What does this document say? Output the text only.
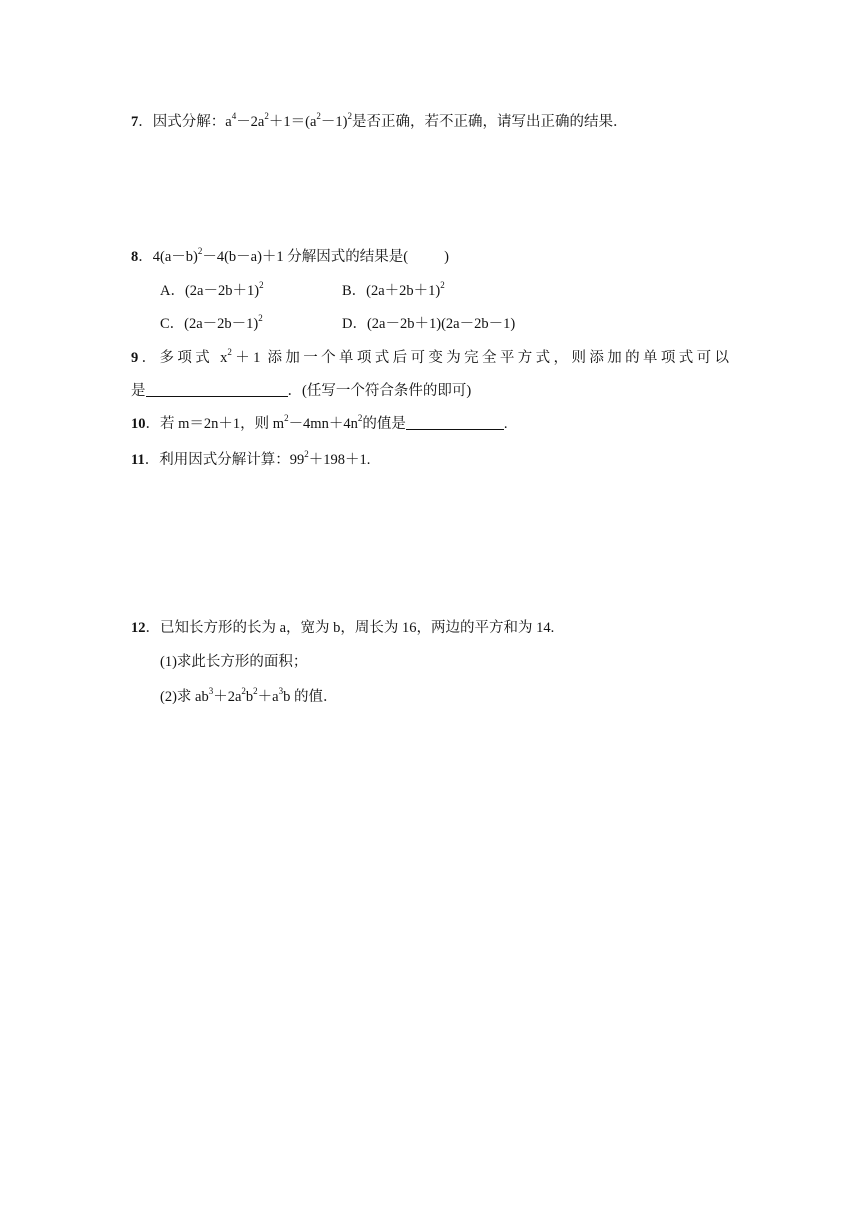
7．因式分解：$a^4-2a^2+1=(a^2-1)^2$是否正确，若不正确，请写出正确的结果．
8．$4(a-b)^2-4(b-a)+1$ 分解因式的结果是( )
A．$(2a-2b+1)^2$	B．$(2a+2b+1)^2$
C．$(2a-2b-1)^2$	D．(2a－2b＋1)(2a－2b－1)
9．多项式 $x^2+1$ 添加一个单项式后可变为完全平方式，则添加的单项式可以
是	．(任写一个符合条件的即可)
10．若 m＝2n＋1，则 $m^2-4mn+4n^2$的值是	.
11．利用因式分解计算：$99^2+198+1$.
12．已知长方形的长为 a，宽为 b，周长为 16，两边的平方和为 14.
(1)求此长方形的面积；
(2)求 $ab^3+2a^2b^2+a^3b$ 的值．
